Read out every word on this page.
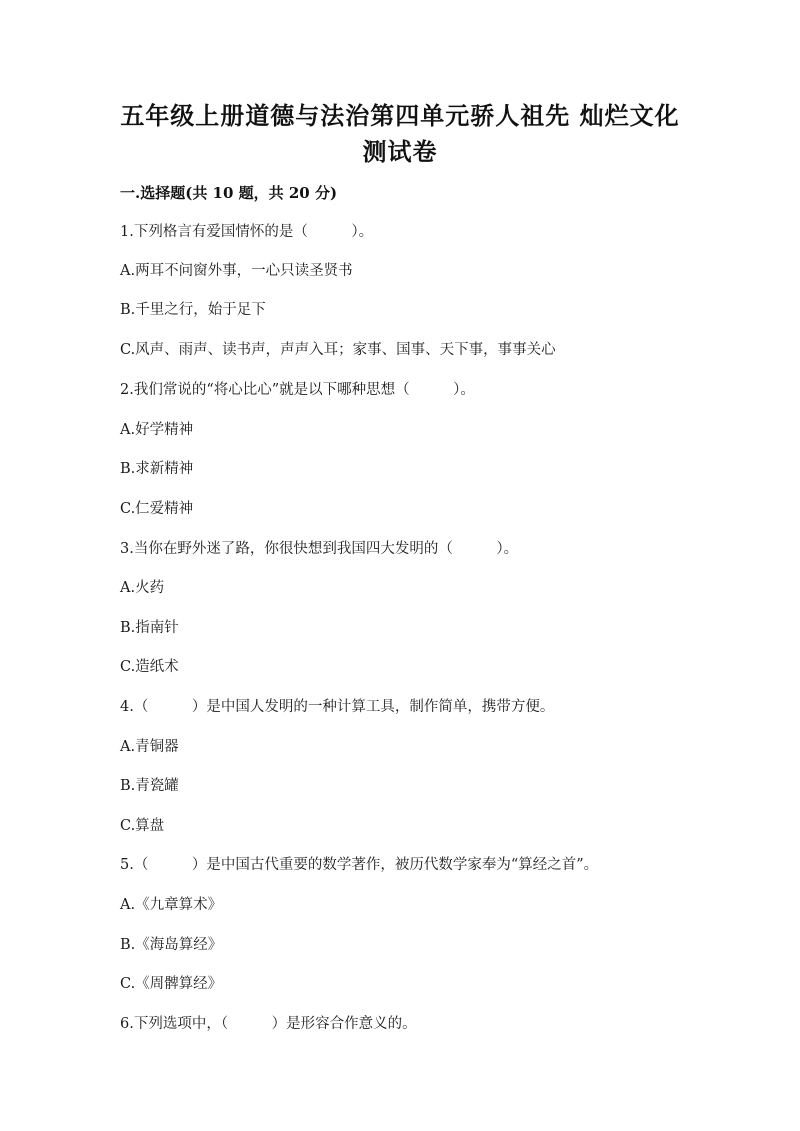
五年级上册道德与法治第四单元骄人祖先 灿烂文化
测试卷
一.选择题(共 10 题，共 20 分)
1.下列格言有爱国情怀的是（　　　）。
A.两耳不问窗外事，一心只读圣贤书
B.千里之行，始于足下
C.风声、雨声、读书声，声声入耳；家事、国事、天下事，事事关心
2.我们常说的“将心比心”就是以下哪种思想（　　　）。
A.好学精神
B.求新精神
C.仁爱精神
3.当你在野外迷了路，你很快想到我国四大发明的（　　　）。
A.火药
B.指南针
C.造纸术
4.（　　　）是中国人发明的一种计算工具，制作简单，携带方便。
A.青铜器
B.青瓷罐
C.算盘
5.（　　　）是中国古代重要的数学著作，被历代数学家奉为“算经之首”。
A.《九章算术》
B.《海岛算经》
C.《周髀算经》
6.下列选项中，（　　　）是形容合作意义的。
